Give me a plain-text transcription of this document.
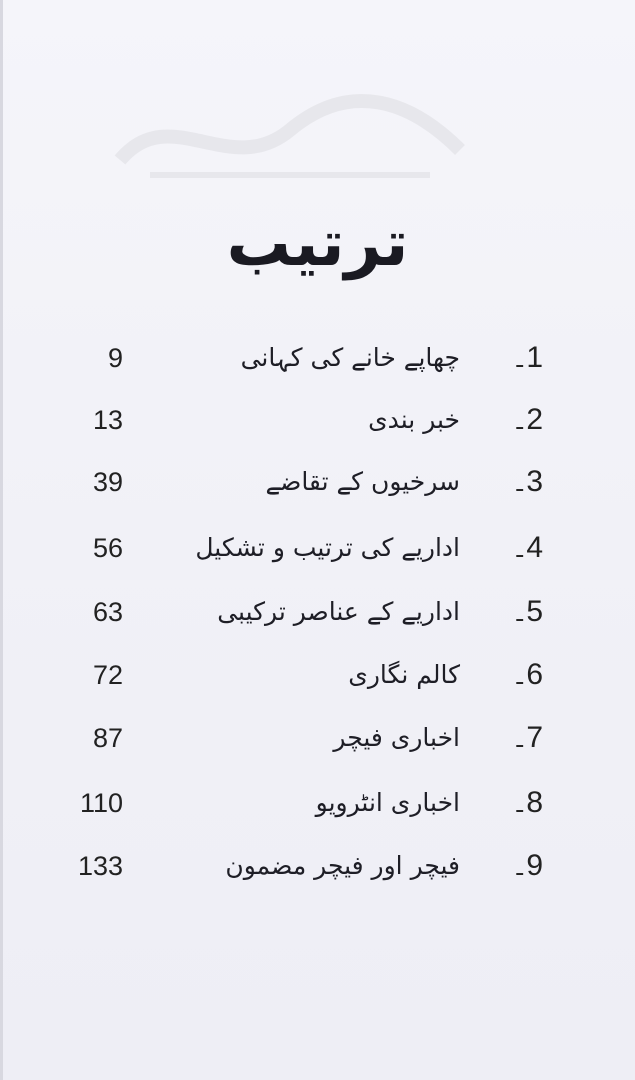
ترتیب
1
ـ
چھاپے خانے کی کہانی
9
2
ـ
خبر بندی
13
3
ـ
سرخیوں کے تقاضے
39
4
ـ
اداریے کی ترتیب و تشکیل
56
5
ـ
اداریے کے عناصر ترکیبی
63
6
ـ
کالم نگاری
72
7
ـ
اخباری فیچر
87
8
ـ
اخباری انٹرویو
110
9
ـ
فیچر اور فیچر مضمون
133
